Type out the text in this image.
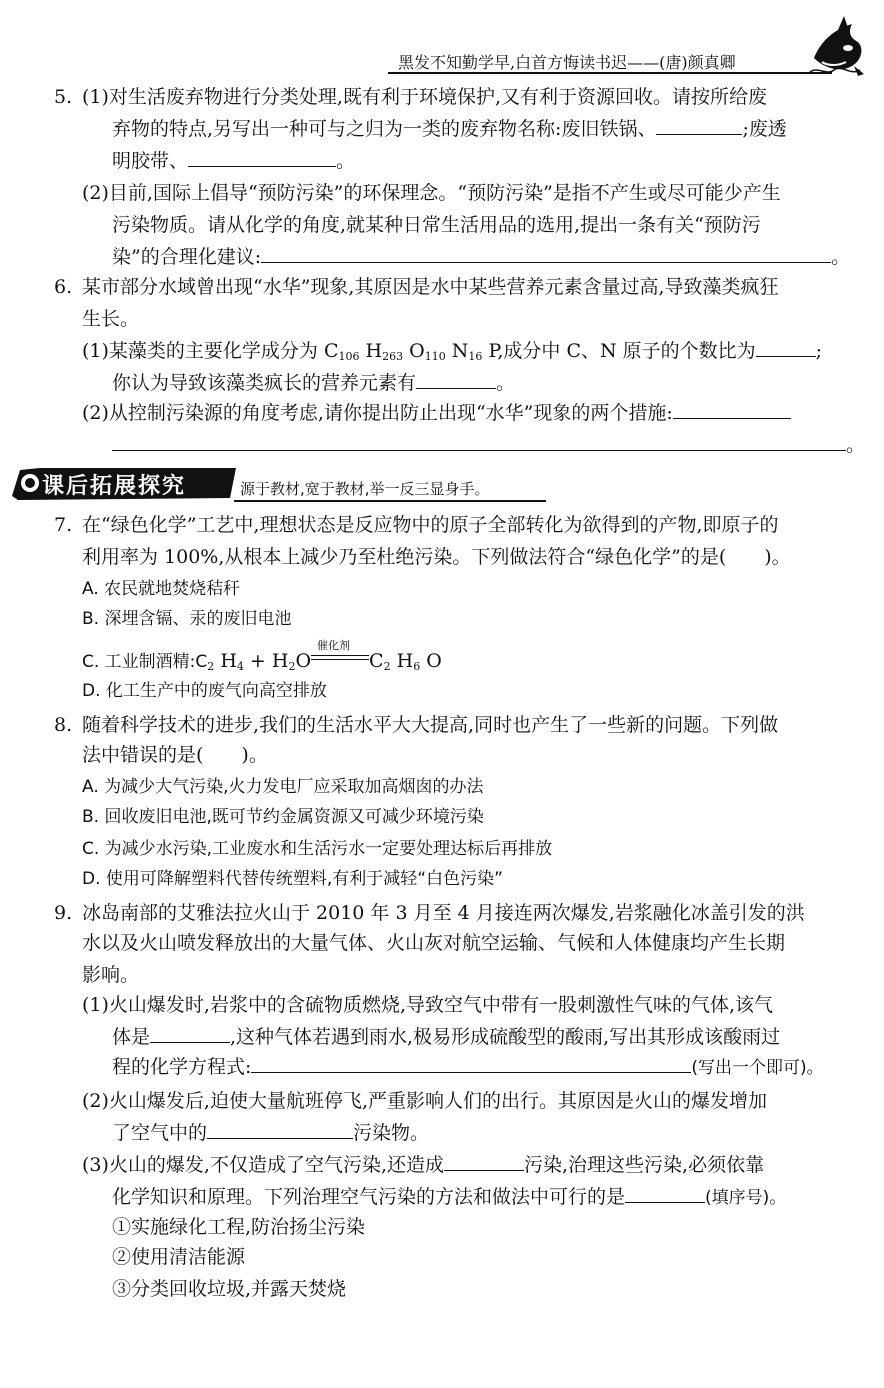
黑发不知勤学早,白首方悔读书迟——(唐)颜真卿
5. (1)对生活废弃物进行分类处理,既有利于环境保护,又有利于资源回收。请按所给废
弃物的特点,另写出一种可与之归为一类的废弃物名称:废旧铁锅、	;废透
明胶带、	。
(2)目前,国际上倡导“预防污染”的环保理念。“预防污染”是指不产生或尽可能少产生
污染物质。请从化学的角度,就某种日常生活用品的选用,提出一条有关“预防污
染”的合理化建议:	。
6. 某市部分水域曾出现“水华”现象,其原因是水中某些营养元素含量过高,导致藻类疯狂
生长。
(1)某藻类的主要化学成分为 $C_{106}$ $H_{263}$ $O_{110}$ $N_{16}$ P,成分中 C、N 原子的个数比为	;
你认为导致该藻类疯长的营养元素有	。
(2)从控制污染源的角度考虑,请你提出防止出现“水华”现象的两个措施:
。
课后拓展探究	源于教材,宽于教材,举一反三显身手。
7. 在“绿色化学”工艺中,理想状态是反应物中的原子全部转化为欲得到的产物,即原子的
利用率为 100%,从根本上减少乃至杜绝污染。下列做法符合“绿色化学”的是(　　)。
A. 农民就地焚烧秸秆
B. 深埋含镉、汞的废旧电池
C. 工业制酒精$:C_2$ $H_4 + H_2O$
催化剂
$C_2$ $H_6$ O
D. 化工生产中的废气向高空排放
8. 随着科学技术的进步,我们的生活水平大大提高,同时也产生了一些新的问题。下列做
法中错误的是(　　)。
A. 为减少大气污染,火力发电厂应采取加高烟囱的办法
B. 回收废旧电池,既可节约金属资源又可减少环境污染
C. 为减少水污染,工业废水和生活污水一定要处理达标后再排放
D. 使用可降解塑料代替传统塑料,有利于减轻“白色污染”
9. 冰岛南部的艾雅法拉火山于 2010 年 3 月至 4 月接连两次爆发,岩浆融化冰盖引发的洪
水以及火山喷发释放出的大量气体、火山灰对航空运输、气候和人体健康均产生长期
影响。
(1)火山爆发时,岩浆中的含硫物质燃烧,导致空气中带有一股刺激性气味的气体,该气
体是	,这种气体若遇到雨水,极易形成硫酸型的酸雨,写出其形成该酸雨过
程的化学方程式:	(写出一个即可)。
(2)火山爆发后,迫使大量航班停飞,严重影响人们的出行。其原因是火山的爆发增加
了空气中的	污染物。
(3)火山的爆发,不仅造成了空气污染,还造成	污染,治理这些污染,必须依靠
化学知识和原理。下列治理空气污染的方法和做法中可行的是	(填序号)。
①实施绿化工程,防治扬尘污染
②使用清洁能源
③分类回收垃圾,并露天焚烧
